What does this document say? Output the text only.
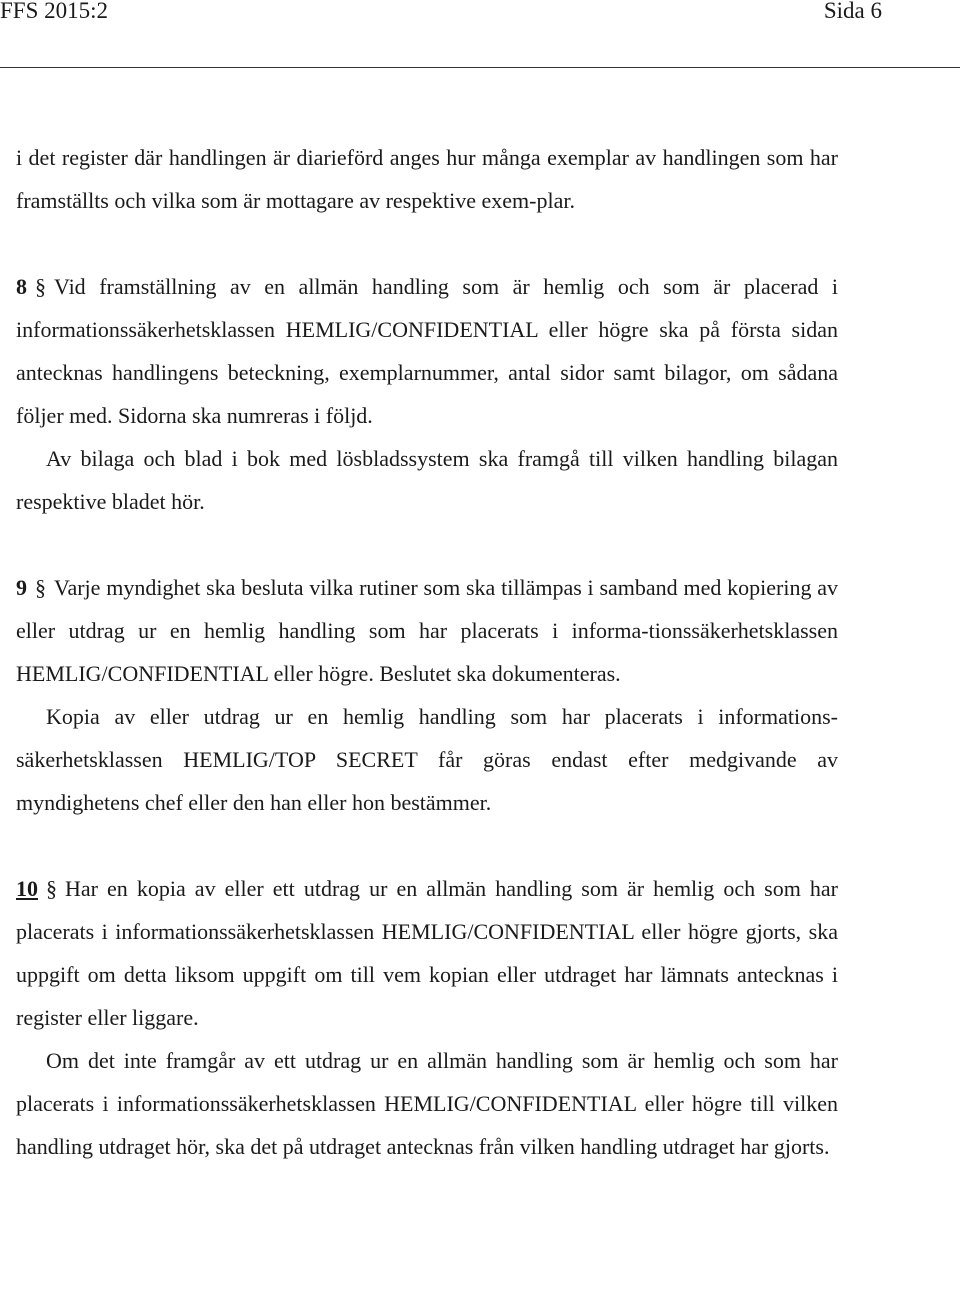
FFS 2015:2	Sida 6

i det register där handlingen är diarieförd anges hur många exemplar av handlingen som har framställts och vilka som är mottagare av respektive exem-plar.

8 § Vid framställning av en allmän handling som är hemlig och som är placerad i informationssäkerhetsklassen HEMLIG/CONFIDENTIAL eller högre ska på första sidan antecknas handlingens beteckning, exemplarnummer, antal sidor samt bilagor, om sådana följer med. Sidorna ska numreras i följd.

Av bilaga och blad i bok med lösbladssystem ska framgå till vilken handling bilagan respektive bladet hör.

9 § Varje myndighet ska besluta vilka rutiner som ska tillämpas i samband med kopiering av eller utdrag ur en hemlig handling som har placerats i informa-tionssäkerhetsklassen HEMLIG/CONFIDENTIAL eller högre. Beslutet ska dokumenteras.

Kopia av eller utdrag ur en hemlig handling som har placerats i informations-säkerhetsklassen HEMLIG/TOP SECRET får göras endast efter medgivande av myndighetens chef eller den han eller hon bestämmer.

10 § Har en kopia av eller ett utdrag ur en allmän handling som är hemlig och som har placerats i informationssäkerhetsklassen HEMLIG/CONFIDENTIAL eller högre gjorts, ska uppgift om detta liksom uppgift om till vem kopian eller utdraget har lämnats antecknas i register eller liggare.

Om det inte framgår av ett utdrag ur en allmän handling som är hemlig och som har placerats i informationssäkerhetsklassen HEMLIG/CONFIDENTIAL eller högre till vilken handling utdraget hör, ska det på utdraget antecknas från vilken handling utdraget har gjorts.
